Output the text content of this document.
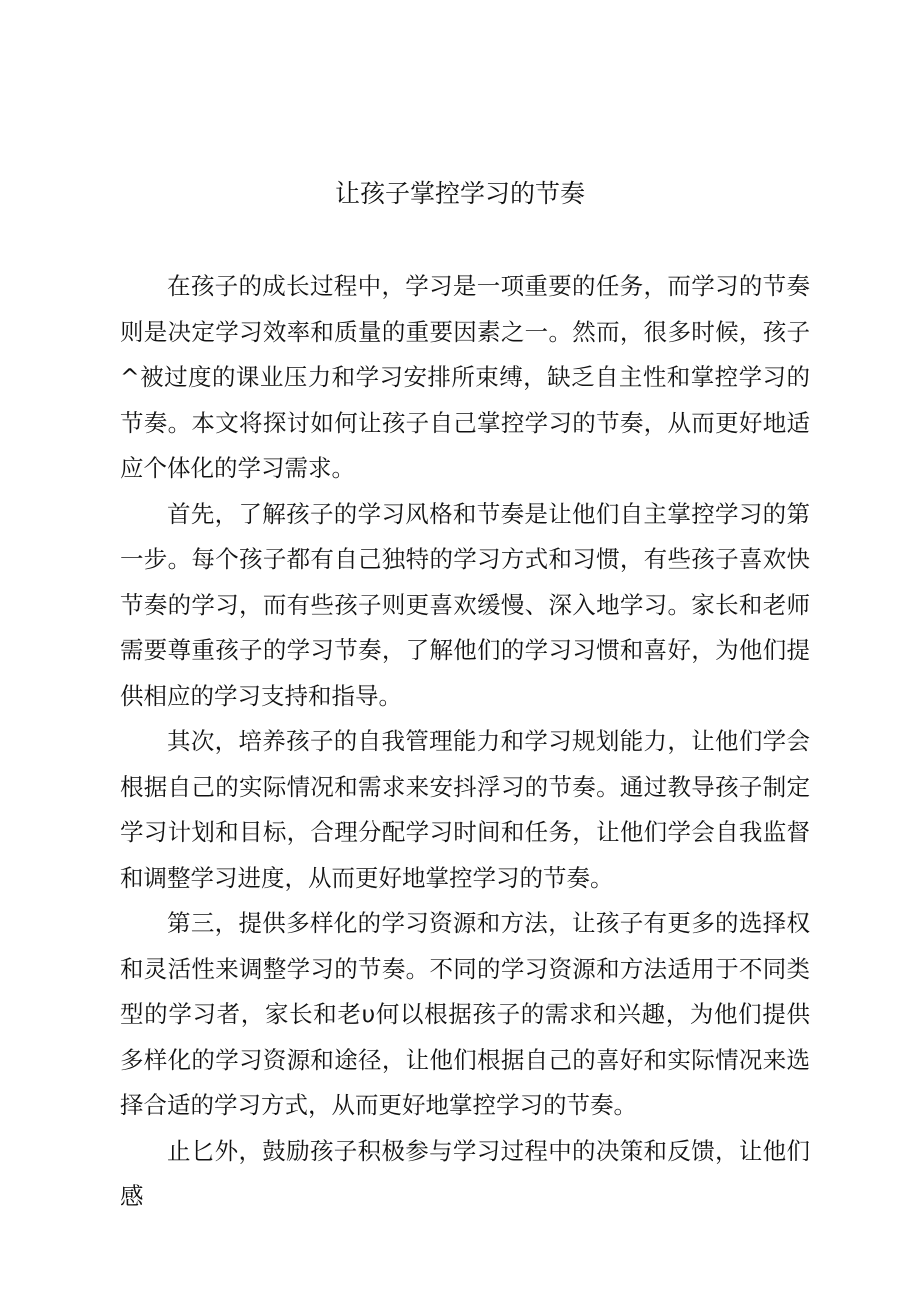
让孩子掌控学习的节奏

在孩子的成长过程中，学习是一项重要的任务，而学习的节奏则是决定学习效率和质量的重要因素之一。然而，很多时候，孩子^被过度的课业压力和学习安排所束缚，缺乏自主性和掌控学习的节奏。本文将探讨如何让孩子自己掌控学习的节奏，从而更好地适应个体化的学习需求。

首先，了解孩子的学习风格和节奏是让他们自主掌控学习的第一步。每个孩子都有自己独特的学习方式和习惯，有些孩子喜欢快节奏的学习，而有些孩子则更喜欢缓慢、深入地学习。家长和老师需要尊重孩子的学习节奏，了解他们的学习习惯和喜好，为他们提供相应的学习支持和指导。

其次，培养孩子的自我管理能力和学习规划能力，让他们学会根据自己的实际情况和需求来安抖浮习的节奏。通过教导孩子制定学习计划和目标，合理分配学习时间和任务，让他们学会自我监督和调整学习进度，从而更好地掌控学习的节奏。

第三，提供多样化的学习资源和方法，让孩子有更多的选择权和灵活性来调整学习的节奏。不同的学习资源和方法适用于不同类型的学习者，家长和老υ何以根据孩子的需求和兴趣，为他们提供多样化的学习资源和途径，让他们根据自己的喜好和实际情况来选择合适的学习方式，从而更好地掌控学习的节奏。

止匕外，鼓励孩子积极参与学习过程中的决策和反馈，让他们感
